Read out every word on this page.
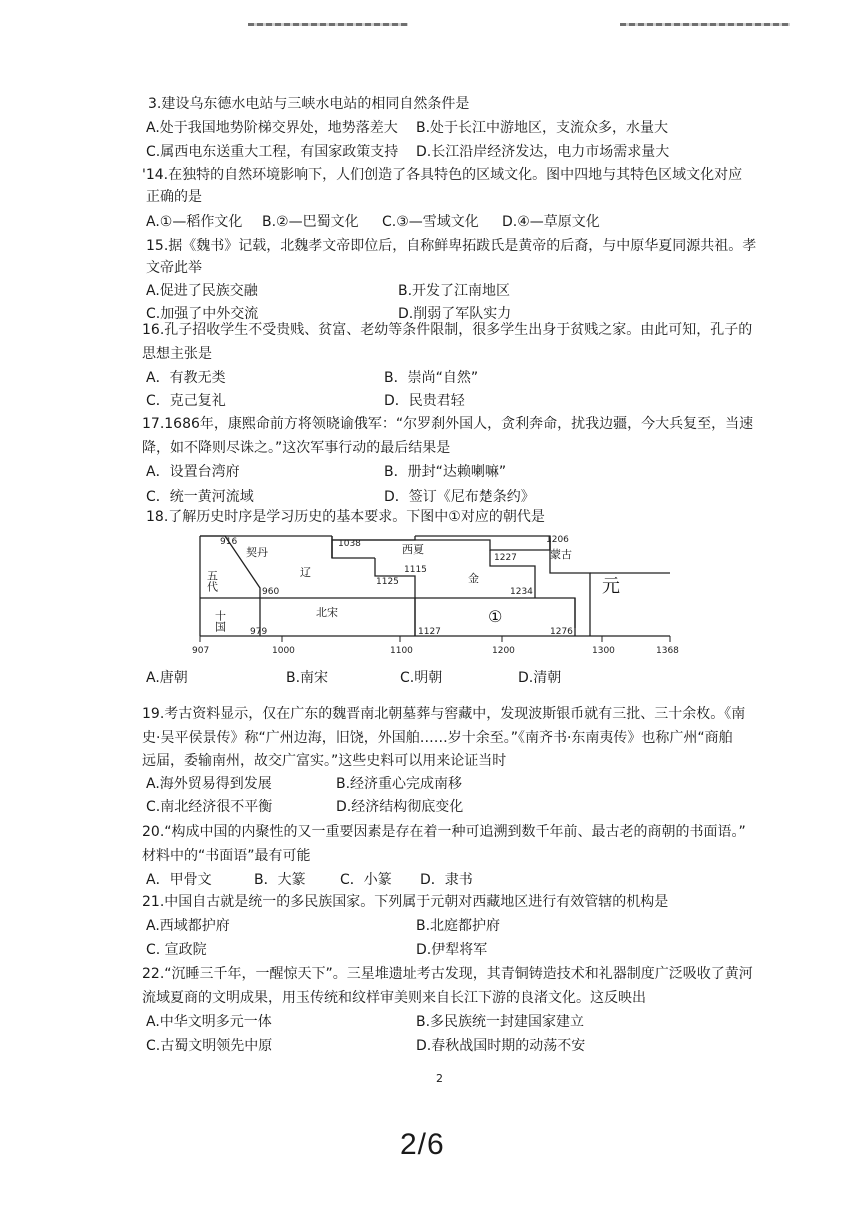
3.建设乌东德水电站与三峡水电站的相同自然条件是
A.处于我国地势阶梯交界处，地势落差大 B.处于长江中游地区，支流众多，水量大
C.属西电东送重大工程，有国家政策支持 D.长江沿岸经济发达，电力市场需求量大
'14.在独特的自然环境影响下，人们创造了各具特色的区域文化。图中四地与其特色区域文化对应
正确的是
A.①—稻作文化 B.②—巴蜀文化 C.③—雪域文化 D.④—草原文化
15.据《魏书》记载，北魏孝文帝即位后，自称鲜卑拓跋氏是黄帝的后裔，与中原华夏同源共祖。孝
文帝此举
A.促进了民族交融	B.开发了江南地区
C.加强了中外交流	D.削弱了军队实力
16.孔子招收学生不受贵贱、贫富、老幼等条件限制，很多学生出身于贫贱之家。由此可知，孔子的
思想主张是
A．有教无类	B．崇尚“自然”
C．克己复礼	D．民贵君轻
17.1686年，康熙命前方将领晓谕俄军：“尔罗刹外国人，贪利奔命，扰我边疆，今大兵复至，当速
降，如不降则尽诛之。”这次军事行动的最后结果是
A．设置台湾府	B．册封“达赖喇嘛”
C．统一黄河流域	D．签订《尼布楚条约》
18.了解历史时序是学习历史的基本要求。下图中①对应的朝代是
916	1038	1206
1227
1115
1125
1234
960
979	1127	1276
契丹	西夏	蒙古
辽	金
北宋
五代
十国	①
元
907	1000	1100	1200	1300	1368
A.唐朝	B.南宋	C.明朝	D.清朝
19.考古资料显示，仅在广东的魏晋南北朝墓葬与窖藏中，发现波斯银币就有三批、三十余枚。《南
史·吴平侯景传》称“广州边海，旧饶，外国舶……岁十余至。”《南齐书·东南夷传》也称广州“商舶
远届，委输南州，故交广富实。”这些史料可以用来论证当时
A.海外贸易得到发展	B.经济重心完成南移
C.南北经济很不平衡	D.经济结构彻底变化
20.“构成中国的内聚性的又一重要因素是存在着一种可追溯到数千年前、最古老的商朝的书面语。”
材料中的“书面语”最有可能
A．甲骨文	B．大篆 C．小篆 D．隶书
21.中国自古就是统一的多民族国家。下列属于元朝对西藏地区进行有效管辖的机构是
A.西域都护府	B.北庭都护府
C. 宣政院	D.伊犁将军
22.“沉睡三千年，一醒惊天下”。三星堆遗址考古发现，其青铜铸造技术和礼器制度广泛吸收了黄河
流域夏商的文明成果，用玉传统和纹样审美则来自长江下游的良渚文化。这反映出
A.中华文明多元一体	B.多民族统一封建国家建立
C.古蜀文明领先中原	D.春秋战国时期的动荡不安
2
2/6
